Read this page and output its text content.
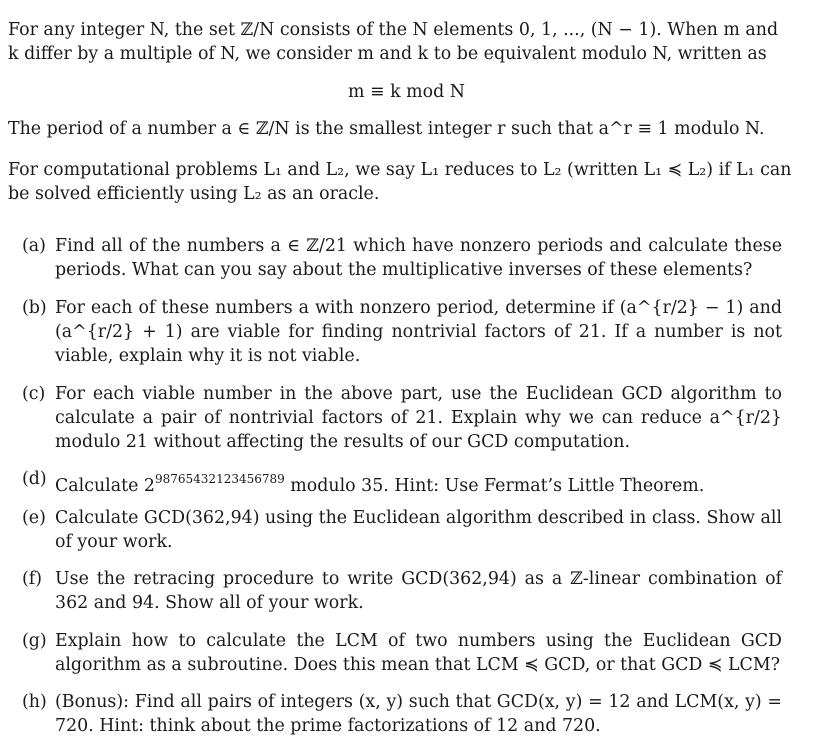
For any integer N, the set ℤ/N consists of the N elements 0, 1, ..., (N − 1). When m and

k differ by a multiple of N, we consider m and k to be equivalent modulo N, written as

m ≡ k mod N

The period of a number a ∈ ℤ/N is the smallest integer r such that a^r ≡ 1 modulo N.

For computational problems L₁ and L₂, we say L₁ reduces to L₂ (written L₁ ≼ L₂) if L₁ can

be solved efficiently using L₂ as an oracle.

(a) Find all of the numbers a ∈ ℤ/21 which have nonzero periods and calculate these periods. What can you say about the multiplicative inverses of these elements?

(b) For each of these numbers a with nonzero period, determine if (a^{r/2} − 1) and (a^{r/2} + 1) are viable for finding nontrivial factors of 21. If a number is not viable, explain why it is not viable.

(c) For each viable number in the above part, use the Euclidean GCD algorithm to calculate a pair of nontrivial factors of 21. Explain why we can reduce a^{r/2} modulo 21 without affecting the results of our GCD computation.

(d) Calculate $2^{98765432123456789}$ modulo 35. Hint: Use Fermat’s Little Theorem.

(e) Calculate GCD(362,94) using the Euclidean algorithm described in class. Show all of your work.

(f) Use the retracing procedure to write GCD(362,94) as a ℤ-linear combination of 362 and 94. Show all of your work.

(g) Explain how to calculate the LCM of two numbers using the Euclidean GCD algorithm as a subroutine. Does this mean that LCM ≼ GCD, or that GCD ≼ LCM?

(h) (Bonus): Find all pairs of integers (x, y) such that GCD(x, y) = 12 and LCM(x, y) = 720. Hint: think about the prime factorizations of 12 and 720.
